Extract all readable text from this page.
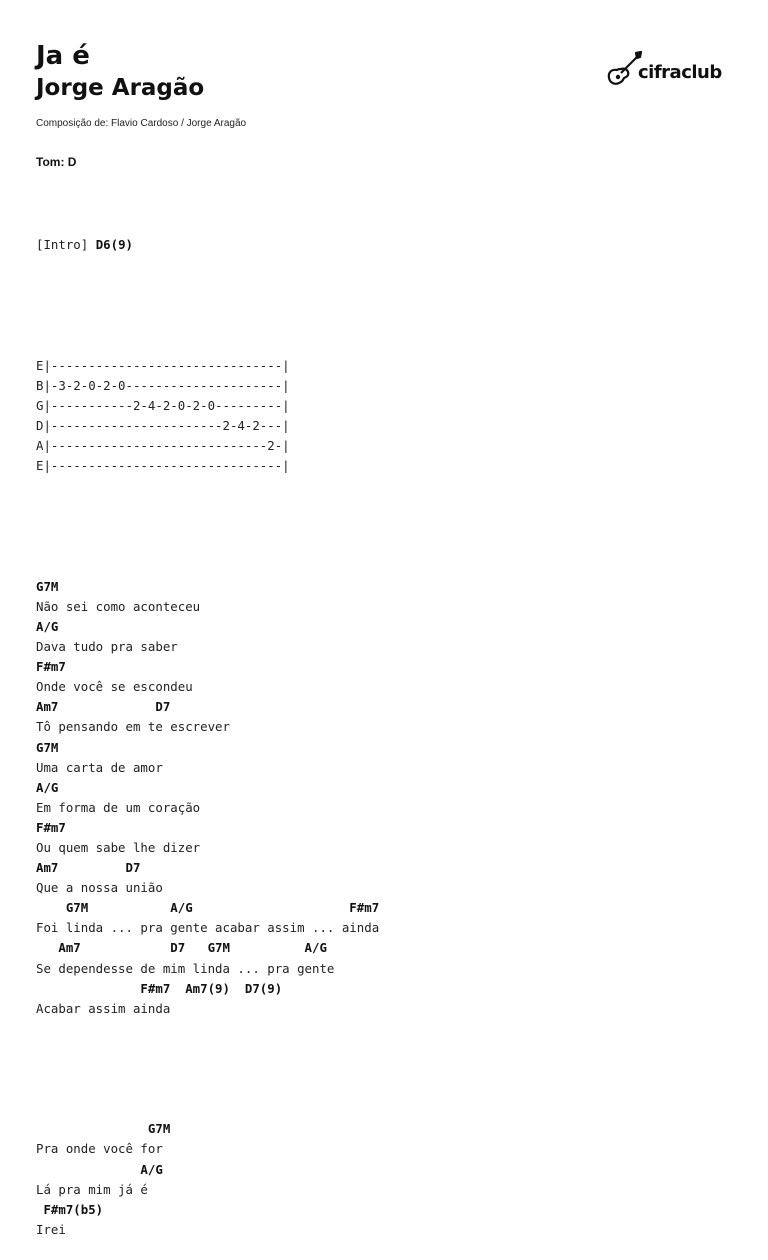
Ja é
Jorge Aragão
Composição de: Flavio Cardoso / Jorge Aragão
cifraclub
Tom: D

[Intro] D6(9)

E|-------------------------------|
B|-3-2-0-2-0---------------------|
G|-----------2-4-2-0-2-0---------|
D|-----------------------2-4-2---|
A|-----------------------------2-|
E|-------------------------------|

G7M
Não sei como aconteceu
A/G
Dava tudo pra saber
F#m7
Onde você se escondeu
Am7             D7
Tô pensando em te escrever
G7M
Uma carta de amor
A/G
Em forma de um coração
F#m7
Ou quem sabe lhe dizer
Am7         D7
Que a nossa união
G7M           A/G                     F#m7
Foi linda ... pra gente acabar assim ... ainda
Am7            D7   G7M          A/G
Se dependesse de mim linda ... pra gente
F#m7  Am7(9)  D7(9)
Acabar assim ainda

G7M
Pra onde você for
A/G
Lá pra mim já é
F#m7(b5)
Irei
